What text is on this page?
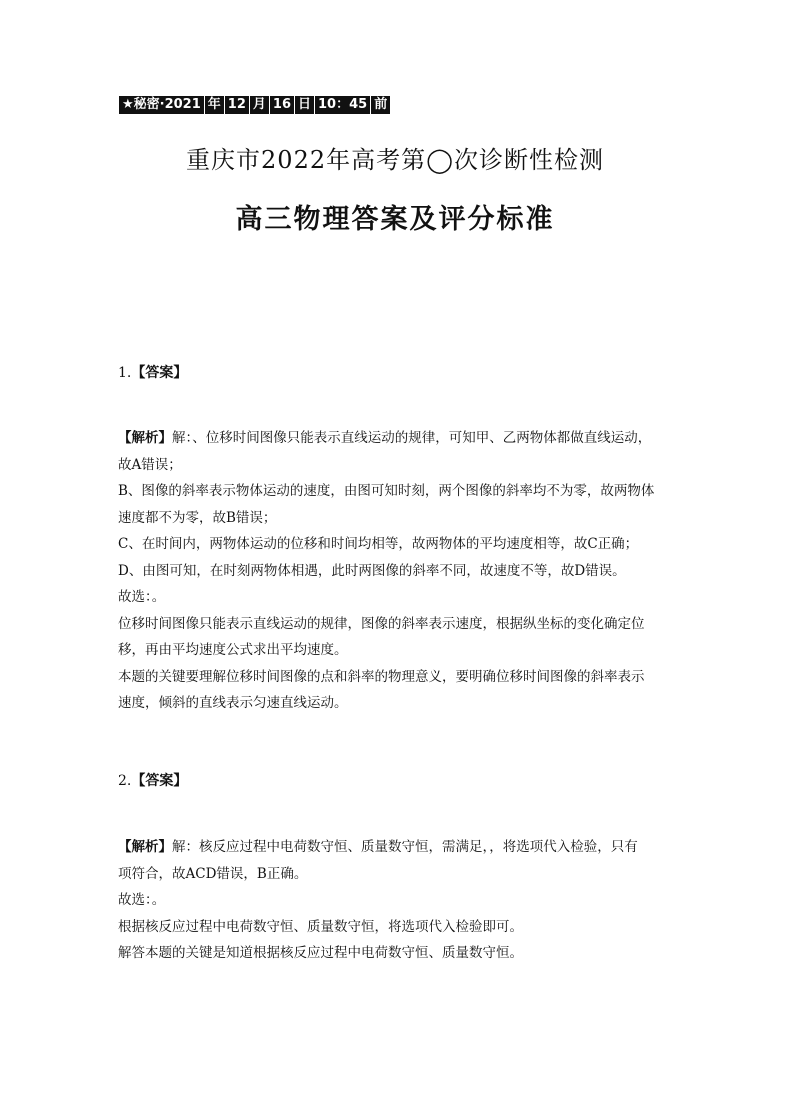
★秘密·2021 年 12 月 16 日 10：45 前
重庆市2022年高考第◯次诊断性检测
高三物理答案及评分标准
1.【答案】

【解析】解：、位移时间图像只能表示直线运动的规律，可知甲、乙两物体都做直线运动，

故A错误；

B、图像的斜率表示物体运动的速度，由图可知时刻，两个图像的斜率均不为零，故两物体

速度都不为零，故B错误；

C、在时间内，两物体运动的位移和时间均相等，故两物体的平均速度相等，故C正确；

D、由图可知，在时刻两物体相遇，此时两图像的斜率不同，故速度不等，故D错误。

故选：。

位移时间图像只能表示直线运动的规律，图像的斜率表示速度，根据纵坐标的变化确定位

移，再由平均速度公式求出平均速度。

本题的关键要理解位移时间图像的点和斜率的物理意义，要明确位移时间图像的斜率表示

速度，倾斜的直线表示匀速直线运动。

2.【答案】

【解析】解：核反应过程中电荷数守恒、质量数守恒，需满足，，将选项代入检验，只有

项符合，故ACD错误，B正确。

故选：。

根据核反应过程中电荷数守恒、质量数守恒，将选项代入检验即可。

解答本题的关键是知道根据核反应过程中电荷数守恒、质量数守恒。
